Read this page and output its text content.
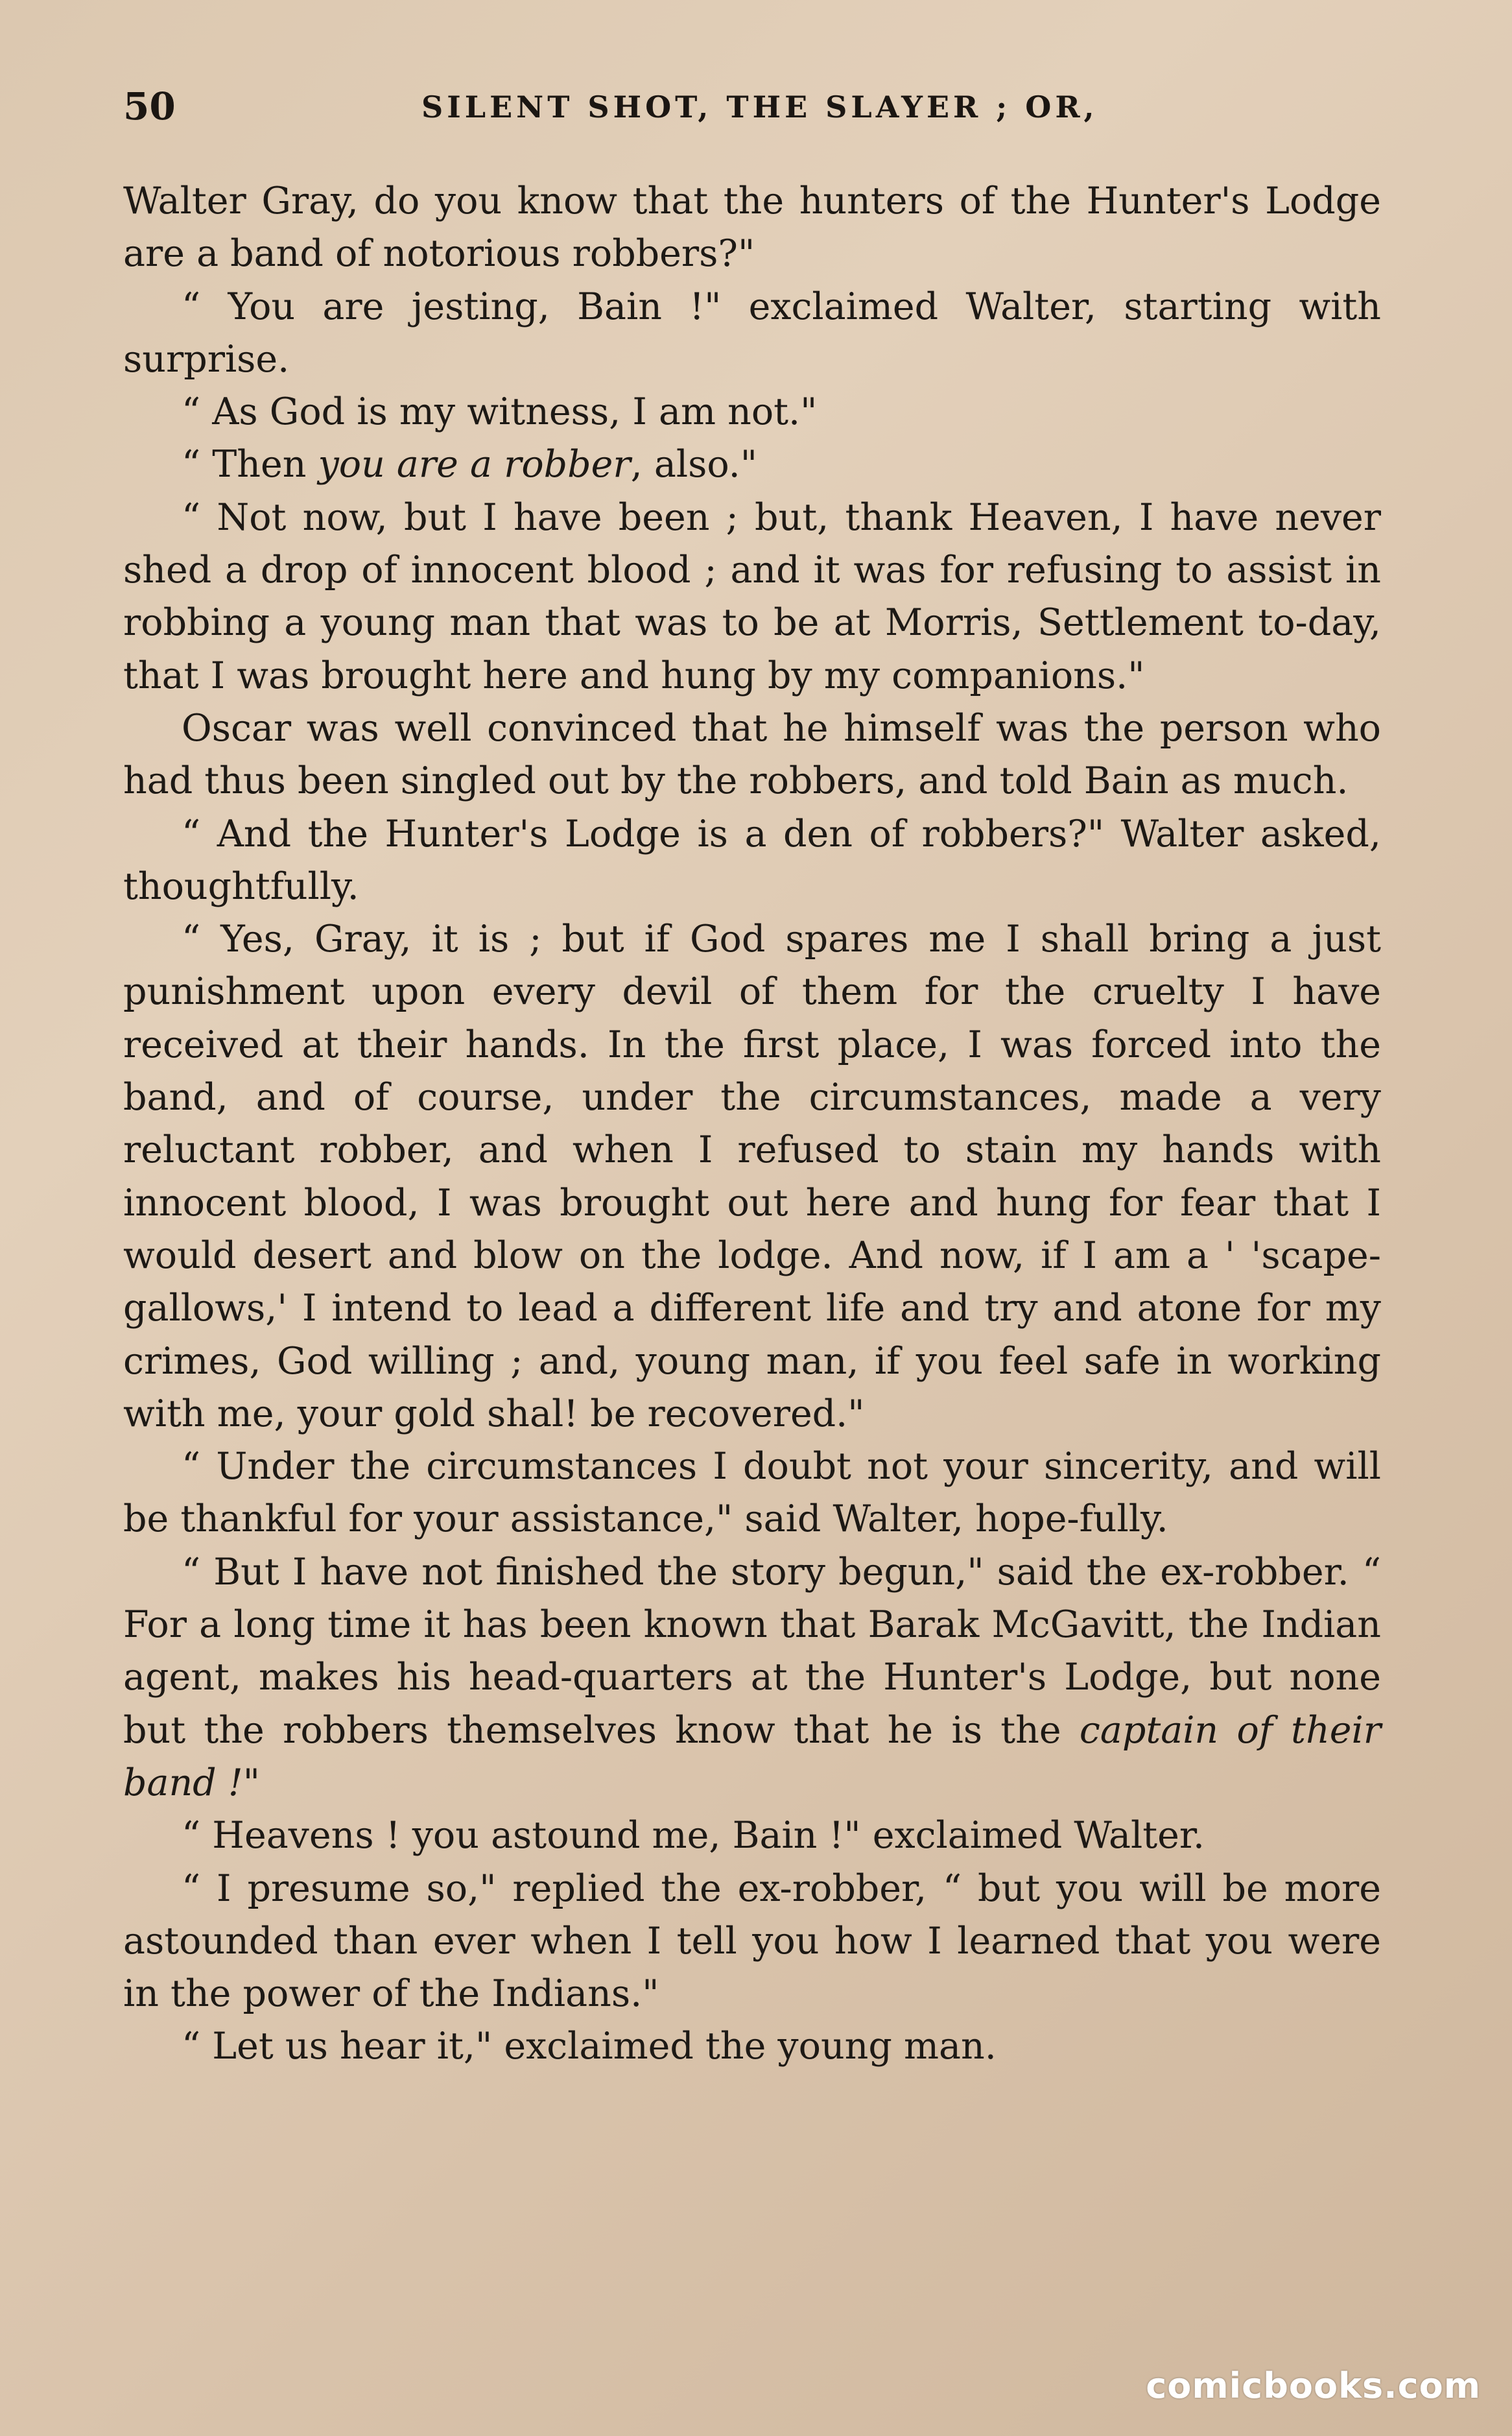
50	SILENT SHOT, THE SLAYER ; OR,

Walter Gray, do you know that the hunters of the Hunter's Lodge are a band of notorious robbers?"

“ You are jesting, Bain !" exclaimed Walter, starting with surprise.

“ As God is my witness, I am not."

“ Then you are a robber, also."

“ Not now, but I have been ; but, thank Heaven, I have never shed a drop of innocent blood ; and it was for refusing to assist in robbing a young man that was to be at Morris, Settlement to-day, that I was brought here and hung by my companions."

Oscar was well convinced that he himself was the person who had thus been singled out by the robbers, and told Bain as much.

“ And the Hunter's Lodge is a den of robbers?" Walter asked, thoughtfully.

“ Yes, Gray, it is ; but if God spares me I shall bring a just punishment upon every devil of them for the cruelty I have received at their hands. In the first place, I was forced into the band, and of course, under the circumstances, made a very reluctant robber, and when I refused to stain my hands with innocent blood, I was brought out here and hung for fear that I would desert and blow on the lodge. And now, if I am a ' 'scape-gallows,' I intend to lead a different life and try and atone for my crimes, God willing ; and, young man, if you feel safe in working with me, your gold shal! be recovered."

“ Under the circumstances I doubt not your sincerity, and will be thankful for your assistance," said Walter, hope-fully.

“ But I have not finished the story begun," said the ex-robber. “ For a long time it has been known that Barak McGavitt, the Indian agent, makes his head-quarters at the Hunter's Lodge, but none but the robbers themselves know that he is the captain of their band !"

“ Heavens ! you astound me, Bain !" exclaimed Walter.

“ I presume so," replied the ex-robber, “ but you will be more astounded than ever when I tell you how I learned that you were in the power of the Indians."

“ Let us hear it," exclaimed the young man.

comicbooks.com
